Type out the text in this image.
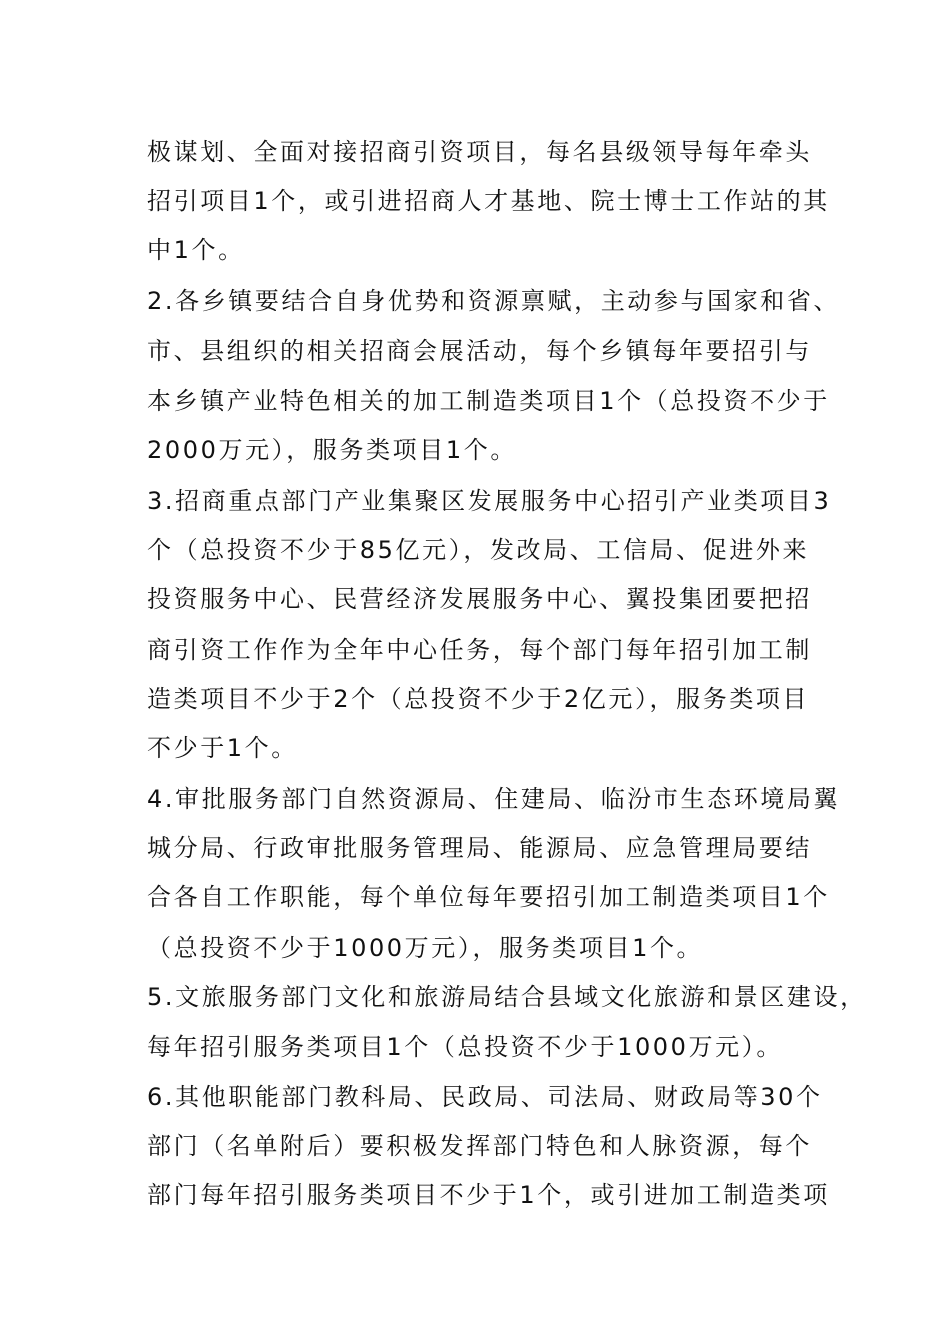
极谋划、全面对接招商引资项目，每名县级领导每年牵头
招引项目1个，或引进招商人才基地、院士博士工作站的其
中1个。
2.各乡镇要结合自身优势和资源禀赋，主动参与国家和省、
市、县组织的相关招商会展活动，每个乡镇每年要招引与
本乡镇产业特色相关的加工制造类项目1个（总投资不少于
2000万元），服务类项目1个。
3.招商重点部门产业集聚区发展服务中心招引产业类项目3
个（总投资不少于85亿元），发改局、工信局、促进外来
投资服务中心、民营经济发展服务中心、翼投集团要把招
商引资工作作为全年中心任务，每个部门每年招引加工制
造类项目不少于2个（总投资不少于2亿元），服务类项目
不少于1个。
4.审批服务部门自然资源局、住建局、临汾市生态环境局翼
城分局、行政审批服务管理局、能源局、应急管理局要结
合各自工作职能，每个单位每年要招引加工制造类项目1个
（总投资不少于1000万元），服务类项目1个。
5.文旅服务部门文化和旅游局结合县域文化旅游和景区建设，
每年招引服务类项目1个（总投资不少于1000万元）。
6.其他职能部门教科局、民政局、司法局、财政局等30个
部门（名单附后）要积极发挥部门特色和人脉资源，每个
部门每年招引服务类项目不少于1个，或引进加工制造类项
